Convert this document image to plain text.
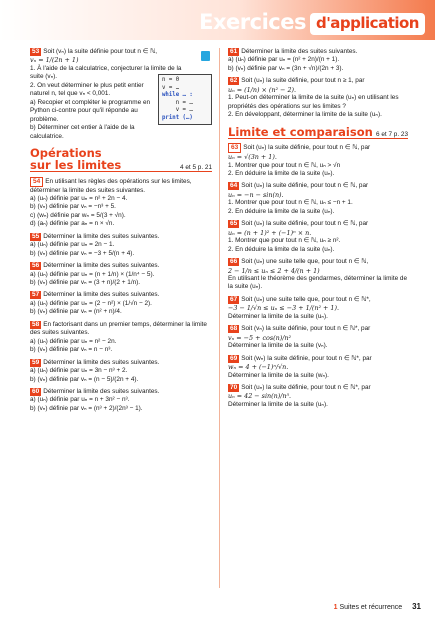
Exercices d'application
n = 0
v = …
while … :
n = …
v = …
print (…)
53 Soit (vₙ) la suite définie pour tout n ∈ ℕ,
vₙ = 1/(2n + 1)
1. À l'aide de la calculatrice, conjecturer la limite de la suite (vₙ).
2. On veut déterminer le plus petit entier naturel n, tel que vₙ < 0,001.
a) Recopier et compléter le programme en Python ci-contre pour qu'il réponde au problème.
b) Déterminer cet entier à l'aide de la calculatrice.
Opérations
sur les limites	4 et 5 p. 21
54 En utilisant les règles des opérations sur les limites, déterminer la limite des suites suivantes.
a) (uₙ) définie par uₙ = n² + 2n − 4.
b) (vₙ) définie par vₙ = −n³ + 5.
c) (wₙ) définie par wₙ = 5/(3 + √n).
d) (aₙ) définie par aₙ = n × √n.
55 Déterminer la limite des suites suivantes.
a) (uₙ) définie par uₙ = 2n − 1.
b) (vₙ) définie par vₙ = −3 + 5/(n + 4).
56 Déterminer la limite des suites suivantes.
a) (uₙ) définie par uₙ = (n + 1/n) × (1/n⁴ − 5).
b) (vₙ) définie par vₙ = (3 + n)/(2 + 1/n).
57 Déterminer la limite des suites suivantes.
a) (uₙ) définie par uₙ = (2 − n²) × (1/√n − 2).
b) (vₙ) définie par vₙ = (n² + n)/4.
58 En factorisant dans un premier temps, déterminer la limite des suites suivantes.
a) (uₙ) définie par uₙ = n² − 2n.
b) (vₙ) définie par vₙ = n − n³.
59 Déterminer la limite des suites suivantes.
a) (uₙ) définie par uₙ = 3n − n³ + 2.
b) (vₙ) définie par vₙ = (n − 5)/(2n + 4).
60 Déterminer la limite des suites suivantes.
a) (uₙ) définie par uₙ = n + 3n² − n³.
b) (vₙ) définie par vₙ = (n³ + 2)/(2n³ − 1).
61 Déterminer la limite des suites suivantes.
a) (uₙ) définie par uₙ = (n² + 2n)/(n + 1).
b) (vₙ) définie par vₙ = (3n + √n)/(2n + 3).
62 Soit (uₙ) la suite définie, pour tout n ≥ 1, par
uₙ = (1/n) × (n² − 2).
1. Peut-on déterminer la limite de la suite (uₙ) en utilisant les propriétés des opérations sur les limites ?
2. En développant, déterminer la limite de la suite (uₙ).
Limite et comparaison 6 et 7 p. 23
63 Soit (uₙ) la suite définie, pour tout n ∈ ℕ, par
uₙ = √(3n + 1).
1. Montrer que pour tout n ∈ ℕ, uₙ > √n
2. En déduire la limite de la suite (uₙ).
64 Soit (uₙ) la suite définie, pour tout n ∈ ℕ, par
uₙ = −n − sin(n).
1. Montrer que pour tout n ∈ ℕ, uₙ ≤ −n + 1.
2. En déduire la limite de la suite (uₙ).
65 Soit (uₙ) la suite définie, pour tout n ∈ ℕ, par
uₙ = (n + 1)² + (−1)ⁿ × n.
1. Montrer que pour tout n ∈ ℕ, uₙ ≥ n².
2. En déduire la limite de la suite (uₙ).
66 Soit (uₙ) une suite telle que, pour tout n ∈ ℕ,
2 − 1/n ≤ uₙ ≤ 2 + 4/(n + 1)
En utilisant le théorème des gendarmes, déterminer la limite de la suite (uₙ).
67 Soit (uₙ) une suite telle que, pour tout n ∈ ℕ*,
−3 − 1/√n ≤ uₙ ≤ −3 + 1/(n² + 1).
Déterminer la limite de la suite (uₙ).
68 Soit (vₙ) la suite définie, pour tout n ∈ ℕ*, par
vₙ = −5 + cos(n)/n²
Déterminer la limite de la suite (vₙ).
69 Soit (wₙ) la suite définie, pour tout n ∈ ℕ*, par
wₙ = 4 + (−1)ⁿ/√n.
Déterminer la limite de la suite (wₙ).
70 Soit (uₙ) la suite définie, pour tout n ∈ ℕ*, par
uₙ = 42 − sin(n)/n⁵.
Déterminer la limite de la suite (uₙ).
1 Suites et récurrence 31
